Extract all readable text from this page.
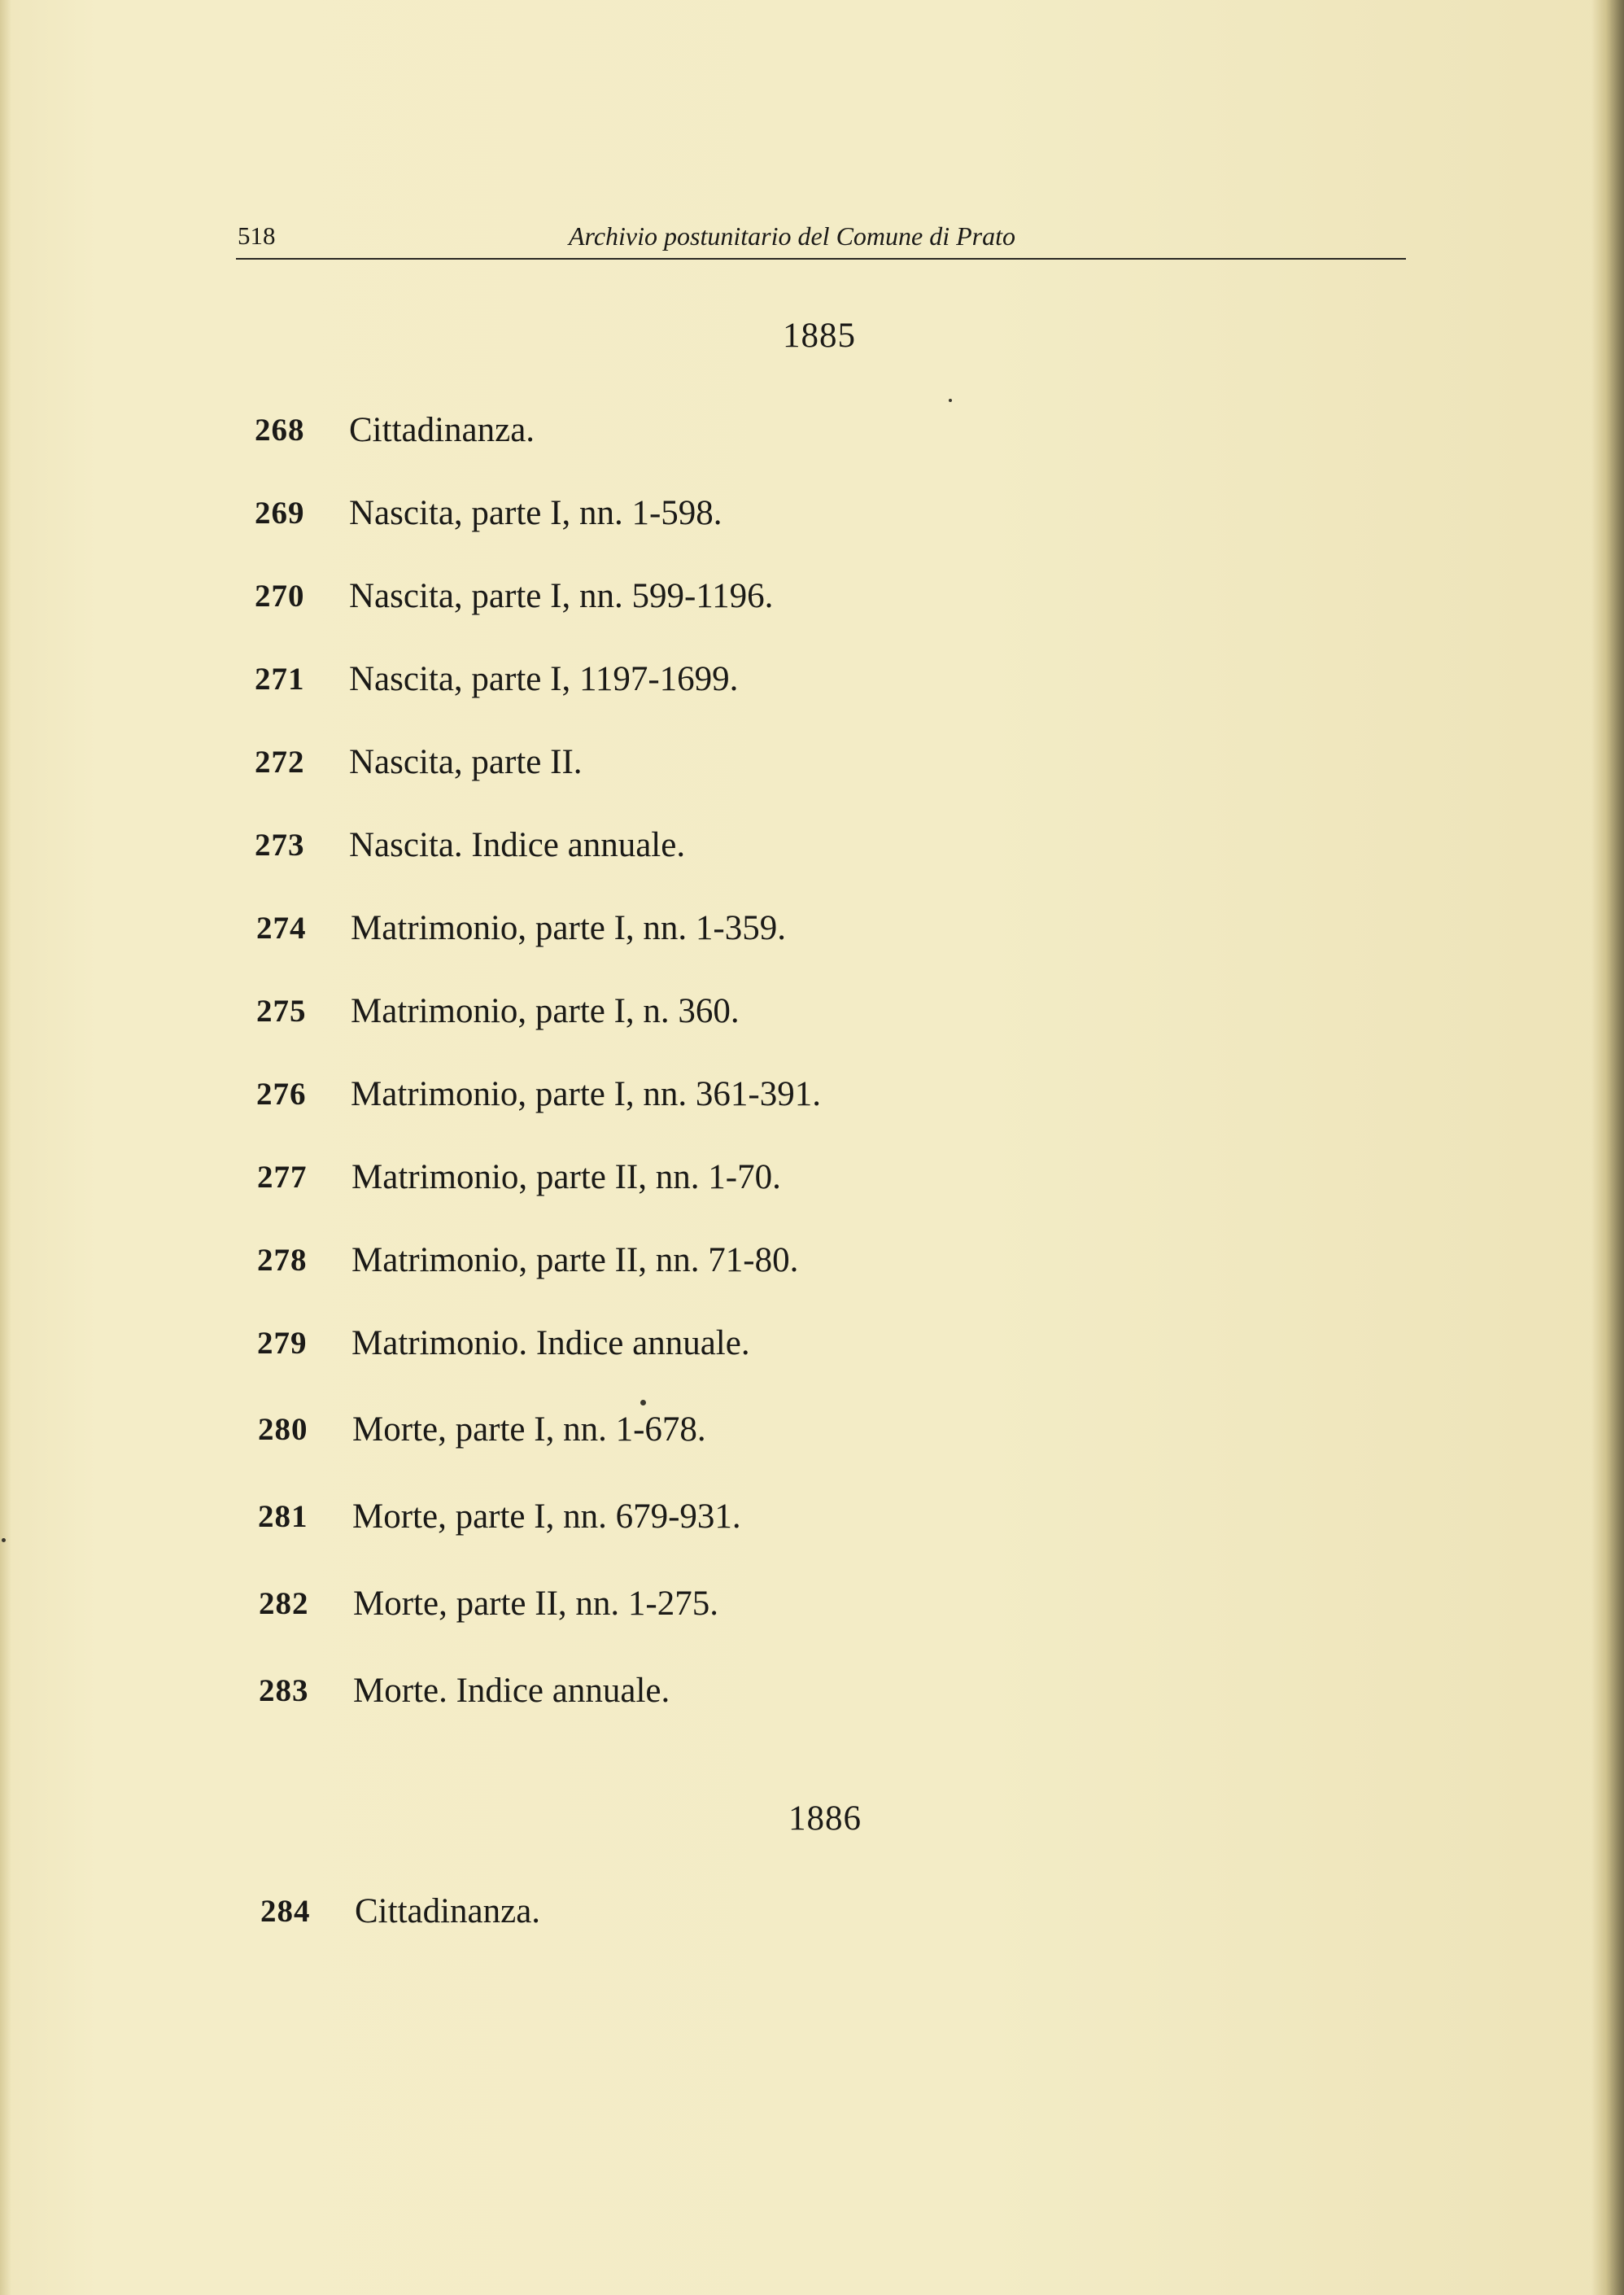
518	Archivio postunitario del Comune di Prato
1885
268 Cittadinanza.
269 Nascita, parte I, nn. 1-598.
270 Nascita, parte I, nn. 599-1196.
271 Nascita, parte I, 1197-1699.
272 Nascita, parte II.
273 Nascita. Indice annuale.
274 Matrimonio, parte I, nn. 1-359.
275 Matrimonio, parte I, n. 360.
276 Matrimonio, parte I, nn. 361-391.
277 Matrimonio, parte II, nn. 1-70.
278 Matrimonio, parte II, nn. 71-80.
279 Matrimonio. Indice annuale.
280 Morte, parte I, nn. 1-678.
281 Morte, parte I, nn. 679-931.
282 Morte, parte II, nn. 1-275.
283 Morte. Indice annuale.
1886
284 Cittadinanza.
